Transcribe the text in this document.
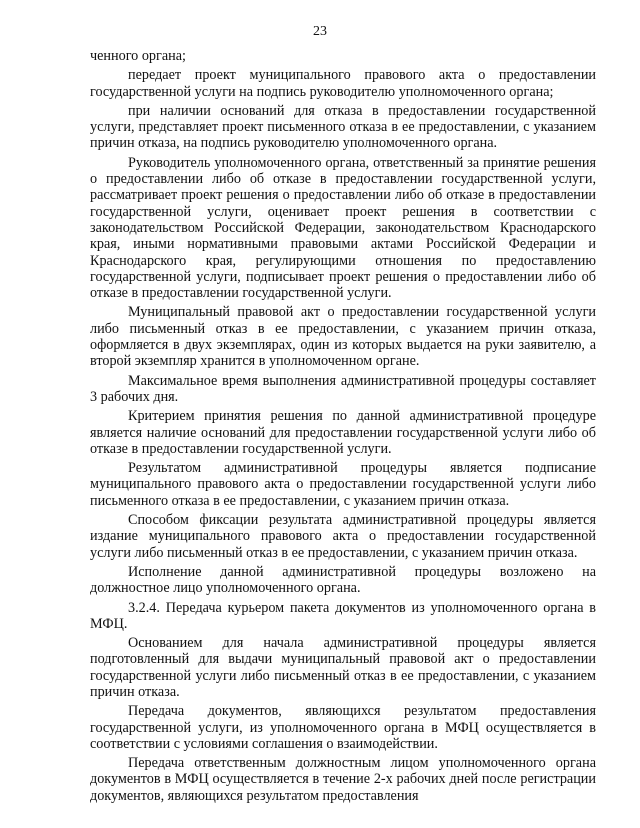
23

ченного органа;

передает проект муниципального правового акта о предоставлении государственной услуги на подпись руководителю уполномоченного органа;

при наличии оснований для отказа в предоставлении государственной услуги, представляет проект письменного отказа в ее предоставлении, с указанием причин отказа, на подпись руководителю уполномоченного органа.

Руководитель уполномоченного органа, ответственный за принятие решения о предоставлении либо об отказе в предоставлении государственной услуги, рассматривает проект решения о предоставлении либо об отказе в предоставлении государственной услуги, оценивает проект решения в соответствии с законодательством Российской Федерации, законодательством Краснодарского края, иными нормативными правовыми актами Российской Федерации и Краснодарского края, регулирующими отношения по предоставлению государственной услуги, подписывает проект решения о предоставлении либо об отказе в предоставлении государственной услуги.

Муниципальный правовой акт о предоставлении государственной услуги либо письменный отказ в ее предоставлении, с указанием причин отказа, оформляется в двух экземплярах, один из которых выдается на руки заявителю, а второй экземпляр хранится в уполномоченном органе.

Максимальное время выполнения административной процедуры составляет 3 рабочих дня.

Критерием принятия решения по данной административной процедуре является наличие оснований для предоставлении государственной услуги либо об отказе в предоставлении государственной услуги.

Результатом административной процедуры является подписание муниципального правового акта о предоставлении государственной услуги либо письменного отказа в ее предоставлении, с указанием причин отказа.

Способом фиксации результата административной процедуры является издание муниципального правового акта о предоставлении государственной услуги либо письменный отказ в ее предоставлении, с указанием причин отказа.

Исполнение данной административной процедуры возложено на должностное лицо уполномоченного органа.

3.2.4. Передача курьером пакета документов из уполномоченного органа в МФЦ.

Основанием для начала административной процедуры является подготовленный для выдачи муниципальный правовой акт о предоставлении государственной услуги либо письменный отказ в ее предоставлении, с указанием причин отказа.

Передача документов, являющихся результатом предоставления государственной услуги, из уполномоченного органа в МФЦ осуществляется в соответствии с условиями соглашения о взаимодействии.

Передача ответственным должностным лицом уполномоченного органа документов в МФЦ осуществляется в течение 2-х рабочих дней после регистрации документов, являющихся результатом предоставления
